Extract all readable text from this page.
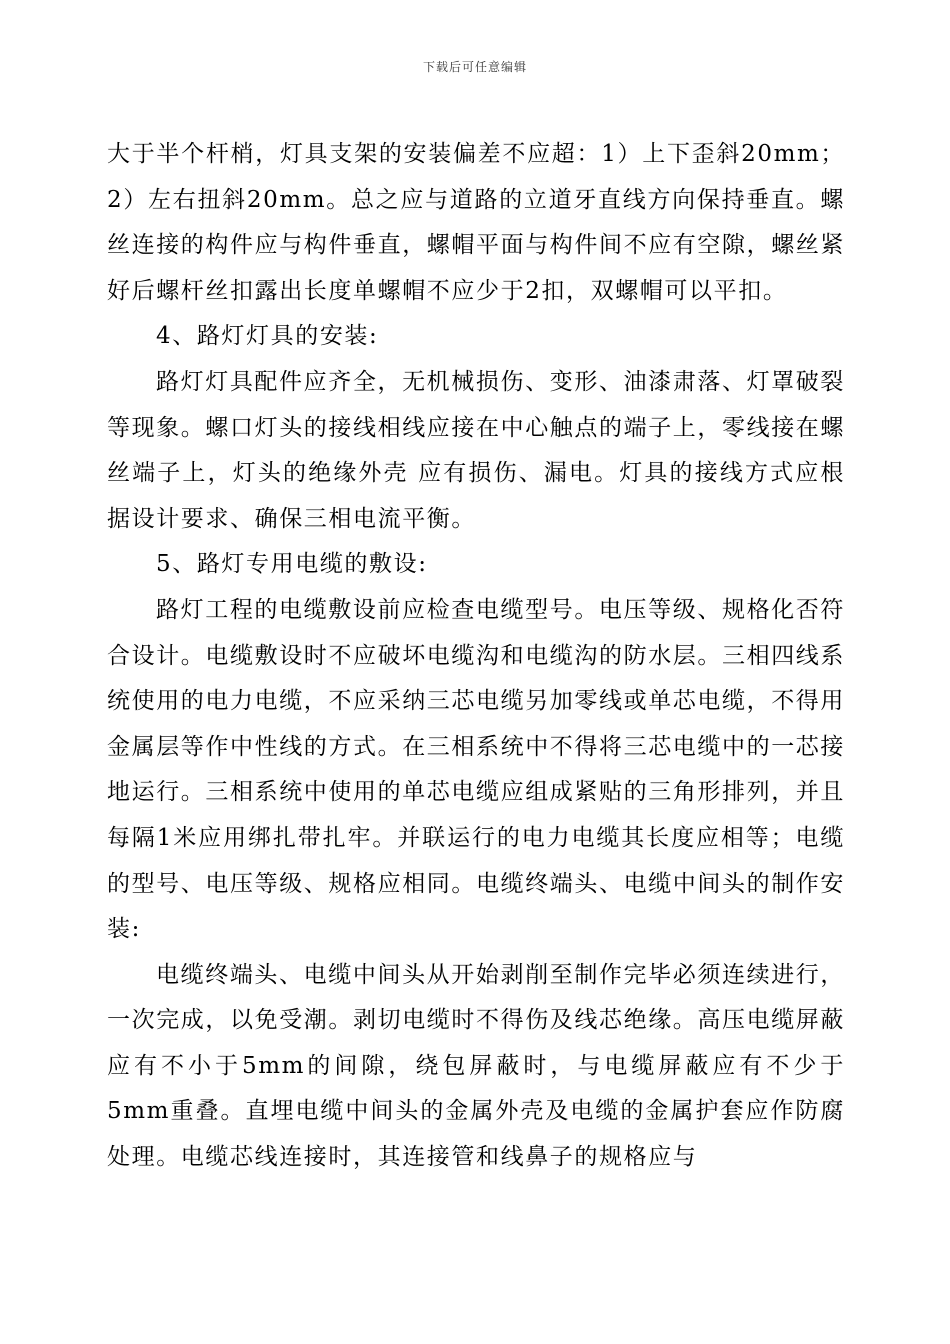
下载后可任意编辑

大于半个杆梢，灯具支架的安装偏差不应超：1）上下歪斜20mm；2）左右扭斜20mm。总之应与道路的立道牙直线方向保持垂直。螺丝连接的构件应与构件垂直，螺帽平面与构件间不应有空隙，螺丝紧好后螺杆丝扣露出长度单螺帽不应少于2扣，双螺帽可以平扣。

4、路灯灯具的安装:

路灯灯具配件应齐全，无机械损伤、变形、油漆肃落、灯罩破裂等现象。螺口灯头的接线相线应接在中心触点的端子上，零线接在螺丝端子上，灯头的绝缘外壳 应有损伤、漏电。灯具的接线方式应根据设计要求、确保三相电流平衡。

5、路灯专用电缆的敷设:

路灯工程的电缆敷设前应检查电缆型号。电压等级、规格化否符合设计。电缆敷设时不应破坏电缆沟和电缆沟的防水层。三相四线系统使用的电力电缆，不应采纳三芯电缆另加零线或单芯电缆，不得用金属层等作中性线的方式。在三相系统中不得将三芯电缆中的一芯接地运行。三相系统中使用的单芯电缆应组成紧贴的三角形排列，并且每隔1米应用绑扎带扎牢。并联运行的电力电缆其长度应相等；电缆的型号、电压等级、规格应相同。电缆终端头、电缆中间头的制作安装:

电缆终端头、电缆中间头从开始剥削至制作完毕必须连续进行，一次完成，以免受潮。剥切电缆时不得伤及线芯绝缘。高压电缆屏蔽应有不小于5mm的间隙，绕包屏蔽时，与电缆屏蔽应有不少于5mm重叠。直埋电缆中间头的金属外壳及电缆的金属护套应作防腐处理。电缆芯线连接时，其连接管和线鼻子的规格应与
